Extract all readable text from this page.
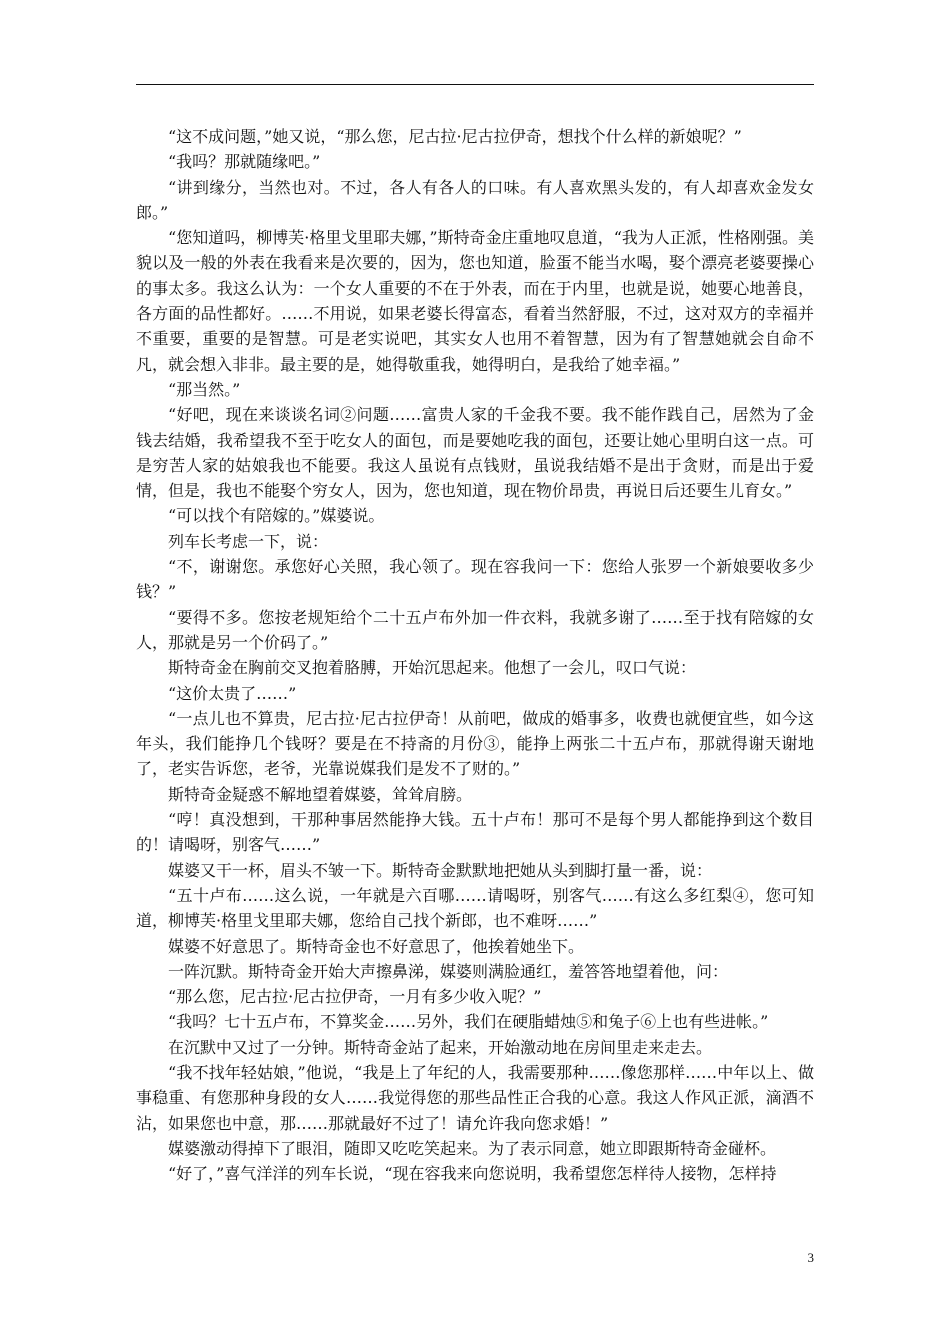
“这不成问题，”她又说，“那么您，尼古拉·尼古拉伊奇，想找个什么样的新娘呢？”

“我吗？那就随缘吧。”

“讲到缘分，当然也对。不过，各人有各人的口味。有人喜欢黑头发的，有人却喜欢金发女郎。”

“您知道吗，柳博芙·格里戈里耶夫娜，”斯特奇金庄重地叹息道，“我为人正派，性格刚强。美貌以及一般的外表在我看来是次要的，因为，您也知道，脸蛋不能当水喝，娶个漂亮老婆要操心的事太多。我这么认为：一个女人重要的不在于外表，而在于内里，也就是说，她要心地善良，各方面的品性都好。……不用说，如果老婆长得富态，看着当然舒服，不过，这对双方的幸福并不重要，重要的是智慧。可是老实说吧，其实女人也用不着智慧，因为有了智慧她就会自命不凡，就会想入非非。最主要的是，她得敬重我，她得明白，是我给了她幸福。”

“那当然。”

“好吧，现在来谈谈名词②问题……富贵人家的千金我不要。我不能作践自己，居然为了金钱去结婚，我希望我不至于吃女人的面包，而是要她吃我的面包，还要让她心里明白这一点。可是穷苦人家的姑娘我也不能要。我这人虽说有点钱财，虽说我结婚不是出于贪财，而是出于爱情，但是，我也不能娶个穷女人，因为，您也知道，现在物价昂贵，再说日后还要生儿育女。”

“可以找个有陪嫁的。”媒婆说。

列车长考虑一下，说：

“不，谢谢您。承您好心关照，我心领了。现在容我问一下：您给人张罗一个新娘要收多少钱？”

“要得不多。您按老规矩给个二十五卢布外加一件衣料，我就多谢了……至于找有陪嫁的女人，那就是另一个价码了。”

斯特奇金在胸前交叉抱着胳膊，开始沉思起来。他想了一会儿，叹口气说：

“这价太贵了……”

“一点儿也不算贵，尼古拉·尼古拉伊奇！从前吧，做成的婚事多，收费也就便宜些，如今这年头，我们能挣几个钱呀？要是在不持斋的月份③，能挣上两张二十五卢布，那就得谢天谢地了，老实告诉您，老爷，光靠说媒我们是发不了财的。”

斯特奇金疑惑不解地望着媒婆，耸耸肩膀。

“哼！真没想到，干那种事居然能挣大钱。五十卢布！那可不是每个男人都能挣到这个数目的！请喝呀，别客气……”

媒婆又干一杯，眉头不皱一下。斯特奇金默默地把她从头到脚打量一番，说：

“五十卢布……这么说，一年就是六百哪……请喝呀，别客气……有这么多红梨④，您可知道，柳博芙·格里戈里耶夫娜，您给自己找个新郎，也不难呀……”

媒婆不好意思了。斯特奇金也不好意思了，他挨着她坐下。

一阵沉默。斯特奇金开始大声擦鼻涕，媒婆则满脸通红，羞答答地望着他，问：

“那么您，尼古拉·尼古拉伊奇，一月有多少收入呢？”

“我吗？七十五卢布，不算奖金……另外，我们在硬脂蜡烛⑤和兔子⑥上也有些进帐。”

在沉默中又过了一分钟。斯特奇金站了起来，开始激动地在房间里走来走去。

“我不找年轻姑娘，”他说，“我是上了年纪的人，我需要那种……像您那样……中年以上、做事稳重、有您那种身段的女人……我觉得您的那些品性正合我的心意。我这人作风正派，滴酒不沾，如果您也中意，那……那就最好不过了！请允许我向您求婚！”

媒婆激动得掉下了眼泪，随即又吃吃笑起来。为了表示同意，她立即跟斯特奇金碰杯。

“好了，”喜气洋洋的列车长说，“现在容我来向您说明，我希望您怎样待人接物，怎样持

3
